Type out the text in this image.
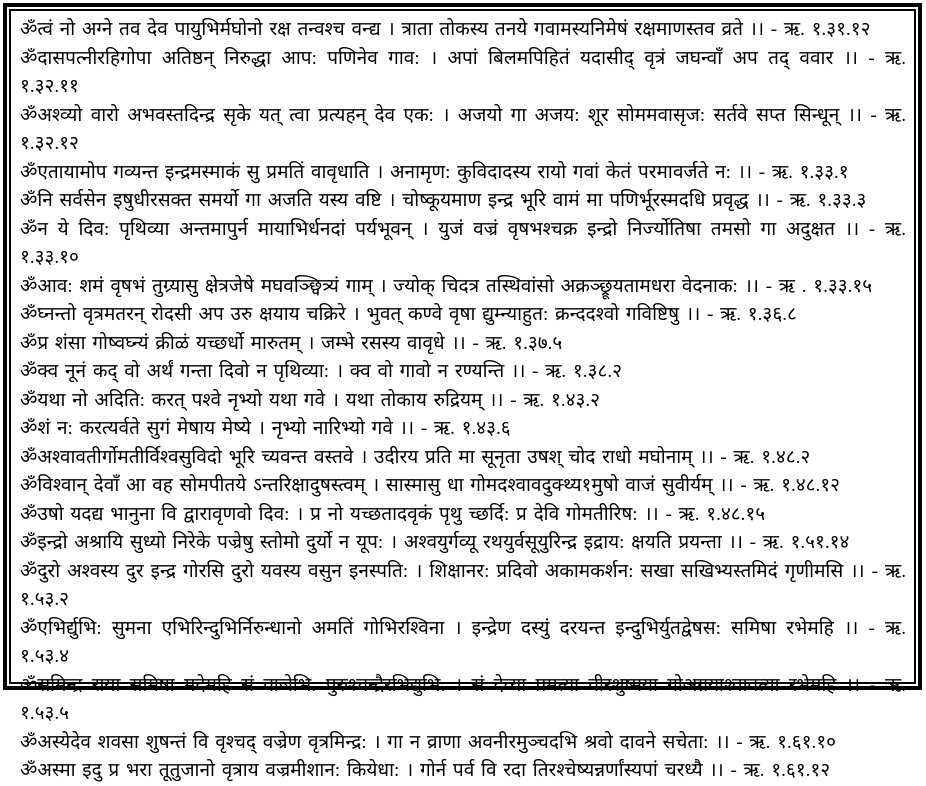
ॐत्वं नो अग्ने तव देव पायुभिर्मघोनो रक्ष तन्वश्च वन्द्य । त्राता तोकस्य तनये गवामस्यनिमेषं रक्षमाणस्तव व्रते ।। - ऋ. १.३१.१२

ॐदासपत्नीरहिगोपा अतिष्ठन् निरुद्धा आप: पणिनेव गाव: । अपां बिलमपिहितं यदासीद् वृत्रं जघन्वाँ अप तद् ववार ।। - ऋ. १.३२.११

ॐअश्व्यो वारो अभवस्तदिन्द्र सृके यत् त्वा प्रत्यहन् देव एक: । अजयो गा अजय: शूर सोममवासृज: सर्तवे सप्त सिन्धून् ।। - ऋ. १.३२.१२

ॐएतायामोप गव्यन्त इन्द्रमस्माकं सु प्रमतिं वावृधाति । अनामृण: कुविदादस्य रायो गवां केतं परमावर्जते न: ।। - ऋ. १.३३.१

ॐनि सर्वसेन इषुधीरसक्त समर्यो गा अजति यस्य वष्टि । चोष्कूयमाण इन्द्र भूरि वामं मा पणिर्भूरस्मदधि प्रवृद्ध ।। - ऋ. १.३३.३

ॐन ये दिव: पृथिव्या अन्तमापुर्न मायाभिर्धनदां पर्यभूवन् । युजं वज्रं वृषभश्चक्र इन्द्रो निर्ज्योतिषा तमसो गा अदुक्षत ।। - ऋ. १.३३.१०

ॐआव: शमं वृषभं तुग्र्यासु क्षेत्रजेषे मघवञ्छ्वित्र्यं गाम् । ज्योक् चिदत्र तस्थिवांसो अक्रञ्छ्रूयतामधरा वेदनाक: ।। - ऋ . १.३३.१५

ॐघ्नन्तो वृत्रमतरन् रोदसी अप उरु क्षयाय चक्रिरे । भुवत् कण्वे वृषा द्युम्न्याहुत: क्रन्ददश्वो गविष्टिषु ।। - ऋ. १.३६.८

ॐप्र शंसा गोष्वघ्न्यं क्रीळं यच्छर्धो मारुतम् । जम्भे रसस्य वावृधे ।। - ऋ. १.३७.५

ॐक्व नूनं कद् वो अर्थं गन्ता दिवो न पृथिव्या: । क्व वो गावो न रण्यन्ति ।। - ऋ. १.३८.२

ॐयथा नो अदिति: करत् पश्वे नृभ्यो यथा गवे । यथा तोकाय रुद्रियम् ।। - ऋ. १.४३.२

ॐशं न: करत्यर्वते सुगं मेषाय मेष्ये । नृभ्यो नारिभ्यो गवे ।। - ऋ. १.४३.६

ॐअश्वावतीर्गोमतीर्विश्वसुविदो भूरि च्यवन्त वस्तवे । उदीरय प्रति मा सूनृता उषश् चोद राधो मघोनाम् ।। - ऋ. १.४८.२

ॐविश्वान् देवाँ आ वह सोमपीतये ऽन्तरिक्षादुषस्त्वम् । सास्मासु धा गोमदश्वावदुक्थ्य१मुषो वाजं सुवीर्यम् ।। - ऋ. १.४८.१२

ॐउषो यदद्य भानुना वि द्वारावृणवो दिव: । प्र नो यच्छतादवृकं पृथु च्छर्दि: प्र देवि गोमतीरिष: ।। - ऋ. १.४८.१५

ॐइन्द्रो अश्रायि सुध्यो निरेके पज्रेषु स्तोमो दुर्यो न यूप: । अश्वयुर्गव्यू रथयुर्वसूयुरिन्द्र इद्राय: क्षयति प्रयन्ता ।। - ऋ. १.५१.१४

ॐदुरो अश्वस्य दुर इन्द्र गोरसि दुरो यवस्य वसुन इनस्पति: । शिक्षानर: प्रदिवो अकामकर्शन: सखा सखिभ्यस्तमिदं गृणीमसि ।। - ऋ. १.५३.२

ॐएभिर्द्युभि: सुमना एभिरिन्दुभिर्निरुन्धानो अमतिं गोभिरश्विना । इन्द्रेण दस्युं दरयन्त इन्दुभिर्युतद्वेषस: समिषा रभेमहि ।। - ऋ. १.५३.४

ॐसमिन्द्र राया समिषा मदेमहि सं वाजेभि: पुरुश्चन्द्रैरभिद्युभि: । सं देव्या प्रमत्या वीरशुष्मया गोअग्रयाश्वावत्या रभेमहि ।। - ऋ. १.५३.५

ॐअस्येदेव शवसा शुषन्तं वि वृश्चद् वज्रेण वृत्रमिन्द्र: । गा न व्राणा अवनीरमुञ्चदभि श्रवो दावने सचेता: ।। - ऋ. १.६१.१०

ॐअस्मा इदु प्र भरा तूतुजानो वृत्राय वज्रमीशान: कियेधा: । गोर्न पर्व वि रदा तिरश्चेष्यन्नर्णांस्यपां चरध्यै ।। - ऋ. १.६१.१२
